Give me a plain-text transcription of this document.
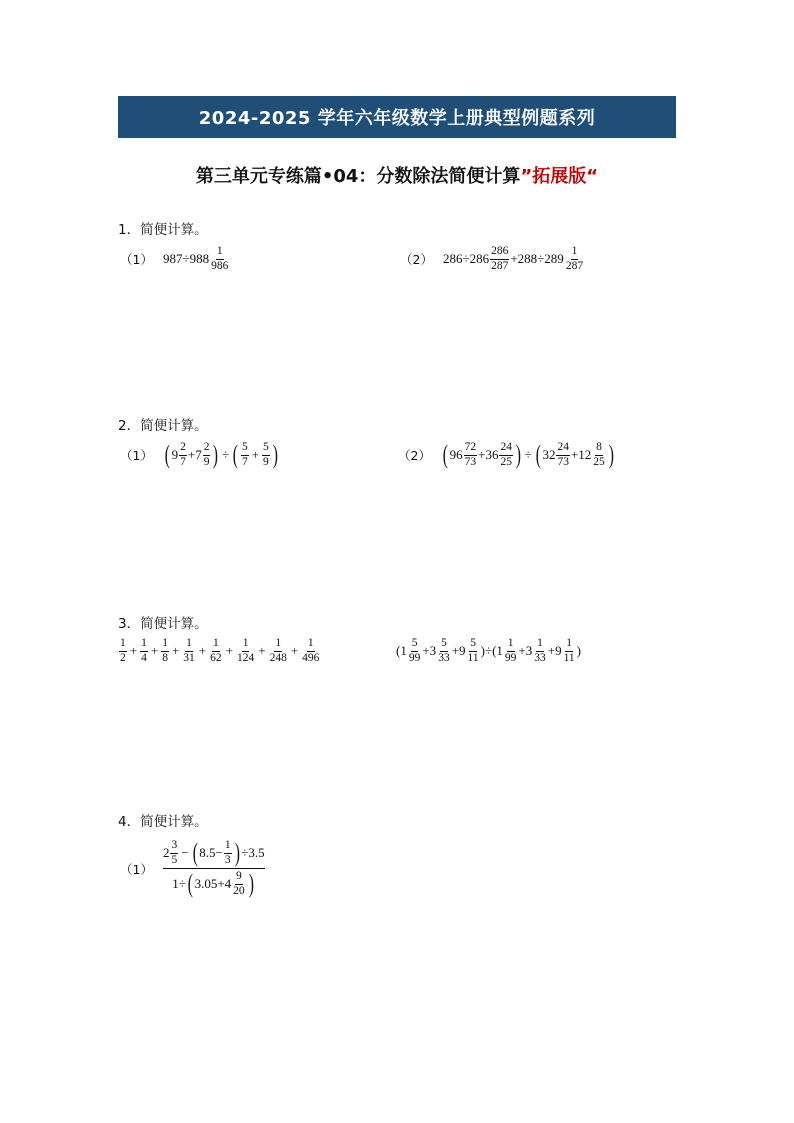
2024-2025 学年六年级数学上册典型例题系列
第三单元专练篇•04：分数除法简便计算”拓展版“
1．简便计算。
（1） $987\div 988 \frac{1}{986}$	（2） $286\div 286 \frac{286}{287} +288\div 289 \frac{1}{287}$
2．简便计算。
（1） ( $9 \frac{2}{7} +7 \frac{2}{9}$ ) ÷ ( $\frac{5}{7} + \frac{5}{9}$ )	（2） ( $96 \frac{72}{73} +36 \frac{24}{25}$ ) ÷ ( $32 \frac{24}{73} +12 \frac{8}{25}$ )
3．简便计算。
$\frac{1}{2} + \frac{1}{4} + \frac{1}{8} + \frac{1}{31} + \frac{1}{62} + \frac{1}{124} + \frac{1}{248} + \frac{1}{496}$	$(1 \frac{5}{99} +3 \frac{5}{33} +9 \frac{5}{11} )\div(1 \frac{1}{99} +3 \frac{1}{33} +9 \frac{1}{11}$ )
4．简便计算。
（1）
$2 \frac{3}{5}$ − ( $8.5- \frac{1}{3}$ ) ÷3.5
1÷ ( $3.05+4 \frac{9}{20}$ )
